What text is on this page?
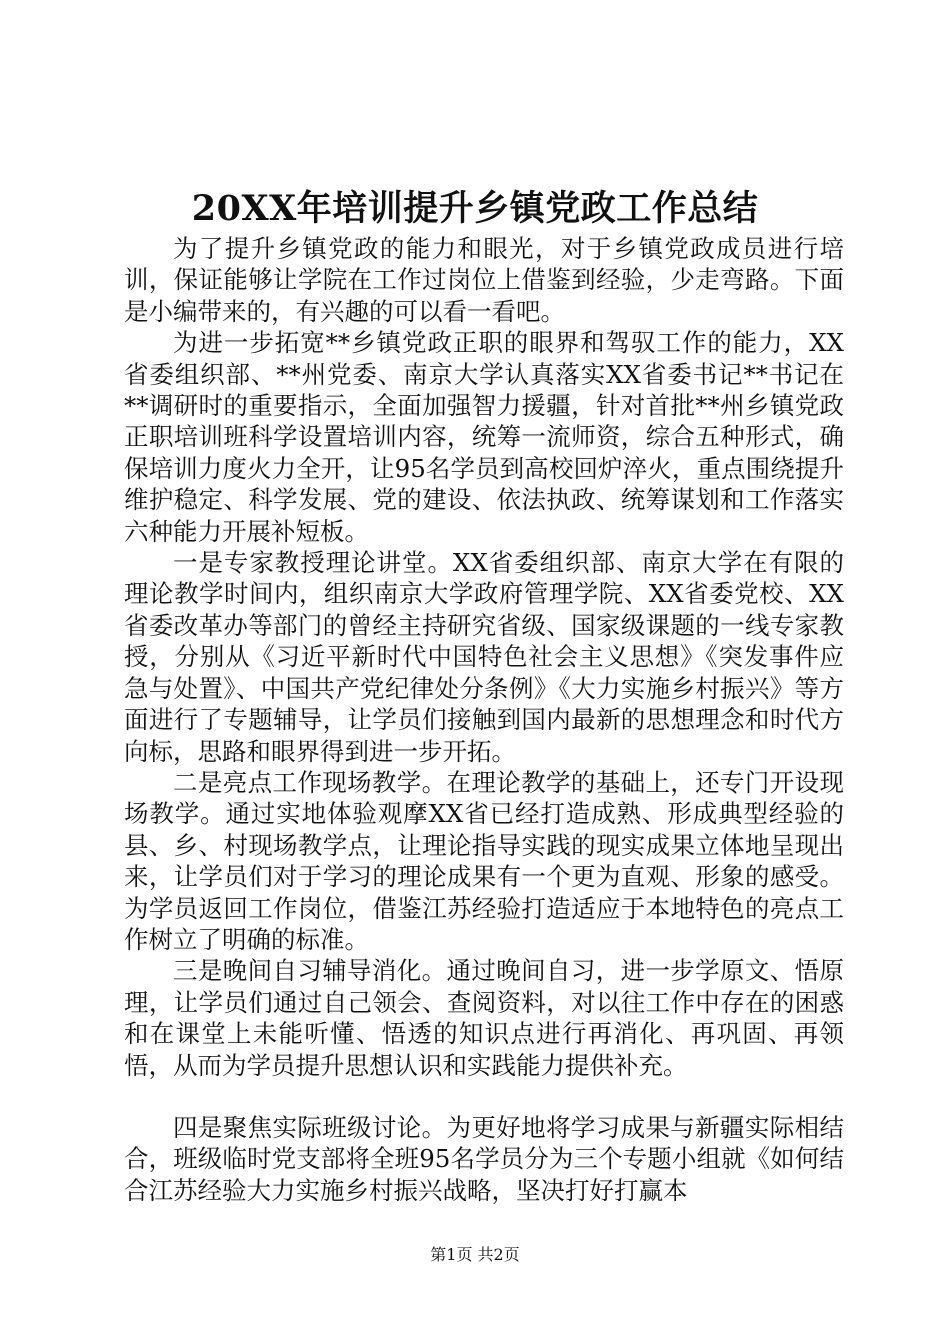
20XX年培训提升乡镇党政工作总结

为了提升乡镇党政的能力和眼光，对于乡镇党政成员进行培训，保证能够让学院在工作过岗位上借鉴到经验，少走弯路。下面是小编带来的，有兴趣的可以看一看吧。

为进一步拓宽**乡镇党政正职的眼界和驾驭工作的能力，XX省委组织部、**州党委、南京大学认真落实XX省委书记**书记在**调研时的重要指示，全面加强智力援疆，针对首批**州乡镇党政正职培训班科学设置培训内容，统筹一流师资，综合五种形式，确保培训力度火力全开，让95名学员到高校回炉淬火，重点围绕提升维护稳定、科学发展、党的建设、依法执政、统筹谋划和工作落实六种能力开展补短板。

一是专家教授理论讲堂。XX省委组织部、南京大学在有限的理论教学时间内，组织南京大学政府管理学院、XX省委党校、XX省委改革办等部门的曾经主持研究省级、国家级课题的一线专家教授，分别从《习近平新时代中国特色社会主义思想》《突发事件应急与处置》、中国共产党纪律处分条例》《大力实施乡村振兴》等方面进行了专题辅导，让学员们接触到国内最新的思想理念和时代方向标，思路和眼界得到进一步开拓。

二是亮点工作现场教学。在理论教学的基础上，还专门开设现场教学。通过实地体验观摩XX省已经打造成熟、形成典型经验的县、乡、村现场教学点，让理论指导实践的现实成果立体地呈现出来，让学员们对于学习的理论成果有一个更为直观、形象的感受。为学员返回工作岗位，借鉴江苏经验打造适应于本地特色的亮点工作树立了明确的标准。

三是晚间自习辅导消化。通过晚间自习，进一步学原文、悟原理，让学员们通过自己领会、查阅资料，对以往工作中存在的困惑和在课堂上未能听懂、悟透的知识点进行再消化、再巩固、再领悟，从而为学员提升思想认识和实践能力提供补充。

四是聚焦实际班级讨论。为更好地将学习成果与新疆实际相结合，班级临时党支部将全班95名学员分为三个专题小组就《如何结合江苏经验大力实施乡村振兴战略，坚决打好打赢本

第1页 共2页
